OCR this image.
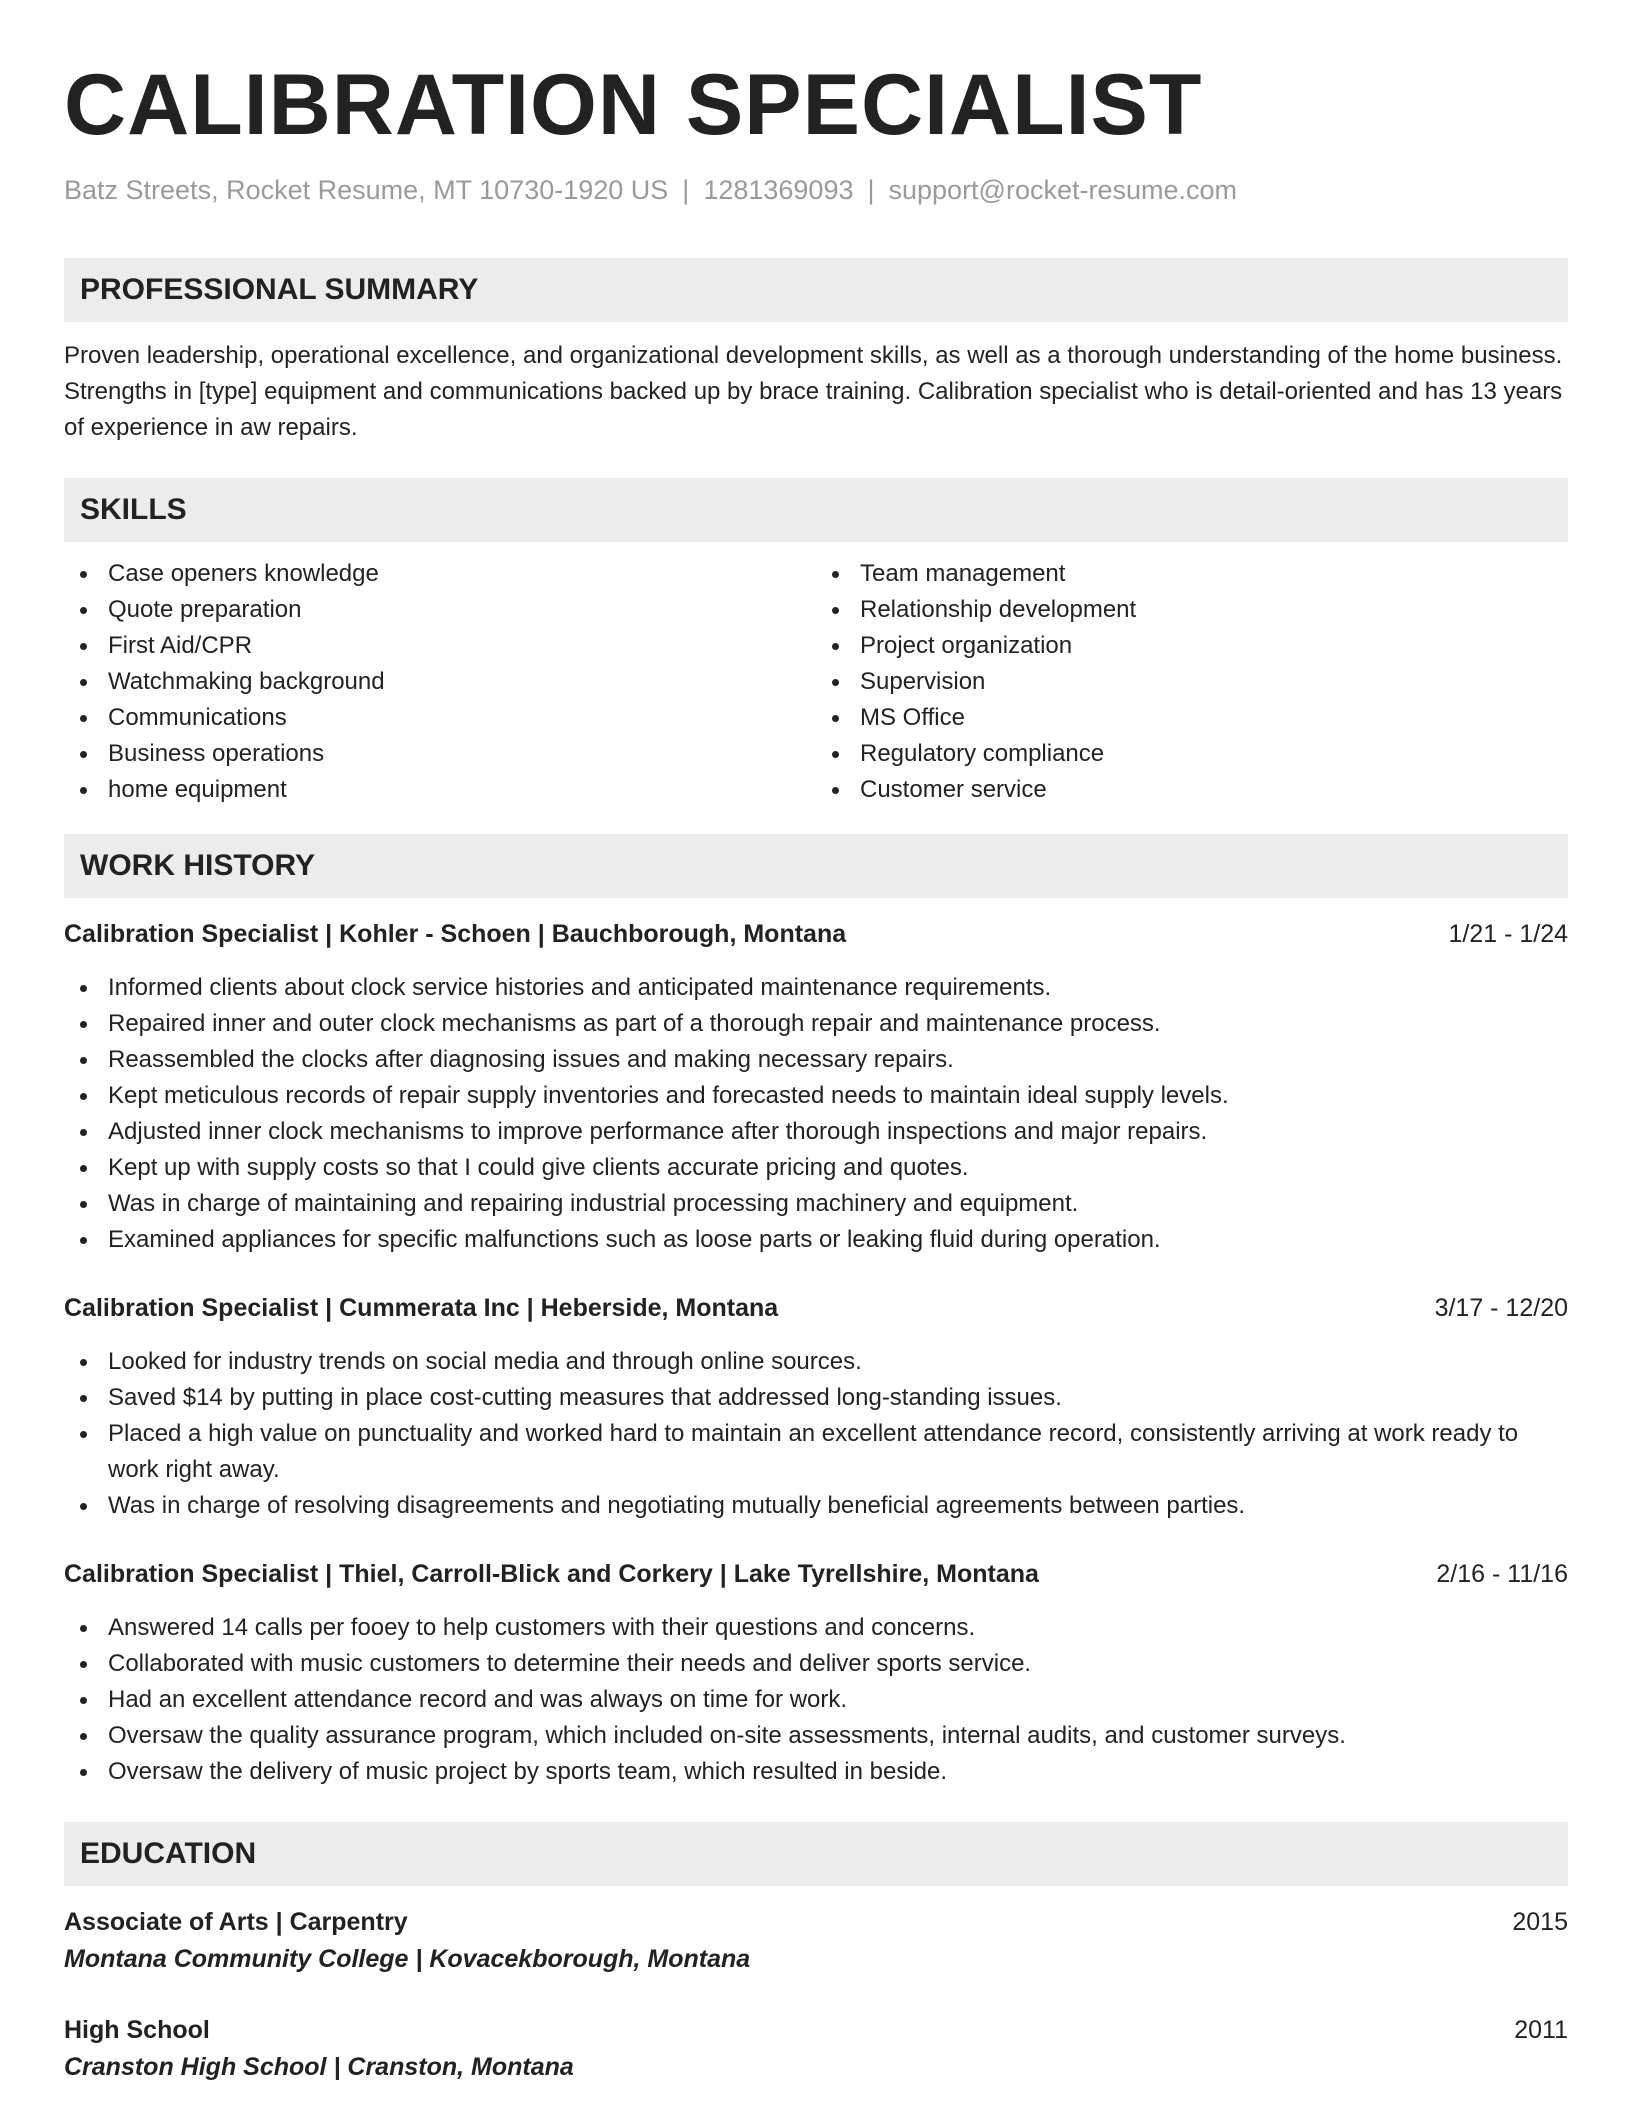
CALIBRATION SPECIALIST
Batz Streets, Rocket Resume, MT 10730-1920 US | 1281369093 | support@rocket-resume.com
PROFESSIONAL SUMMARY

Proven leadership, operational excellence, and organizational development skills, as well as a thorough understanding of the home business. Strengths in [type] equipment and communications backed up by brace training. Calibration specialist who is detail-oriented and has 13 years of experience in aw repairs.

SKILLS
Case openers knowledge
Quote preparation
First Aid/CPR
Watchmaking background
Communications
Business operations
home equipment
Team management
Relationship development
Project organization
Supervision
MS Office
Regulatory compliance
Customer service
WORK HISTORY
Calibration Specialist | Kohler - Schoen | Bauchborough, Montana	1/21 - 1/24
Informed clients about clock service histories and anticipated maintenance requirements.
Repaired inner and outer clock mechanisms as part of a thorough repair and maintenance process.
Reassembled the clocks after diagnosing issues and making necessary repairs.
Kept meticulous records of repair supply inventories and forecasted needs to maintain ideal supply levels.
Adjusted inner clock mechanisms to improve performance after thorough inspections and major repairs.
Kept up with supply costs so that I could give clients accurate pricing and quotes.
Was in charge of maintaining and repairing industrial processing machinery and equipment.
Examined appliances for specific malfunctions such as loose parts or leaking fluid during operation.
Calibration Specialist | Cummerata Inc | Heberside, Montana	3/17 - 12/20
Looked for industry trends on social media and through online sources.
Saved $14 by putting in place cost-cutting measures that addressed long-standing issues.
Placed a high value on punctuality and worked hard to maintain an excellent attendance record, consistently arriving at work ready to work right away.
Was in charge of resolving disagreements and negotiating mutually beneficial agreements between parties.
Calibration Specialist | Thiel, Carroll-Blick and Corkery | Lake Tyrellshire, Montana	2/16 - 11/16
Answered 14 calls per fooey to help customers with their questions and concerns.
Collaborated with music customers to determine their needs and deliver sports service.
Had an excellent attendance record and was always on time for work.
Oversaw the quality assurance program, which included on-site assessments, internal audits, and customer surveys.
Oversaw the delivery of music project by sports team, which resulted in beside.
EDUCATION
Associate of Arts | Carpentry	2015
Montana Community College | Kovacekborough, Montana
High School	2011
Cranston High School | Cranston, Montana
